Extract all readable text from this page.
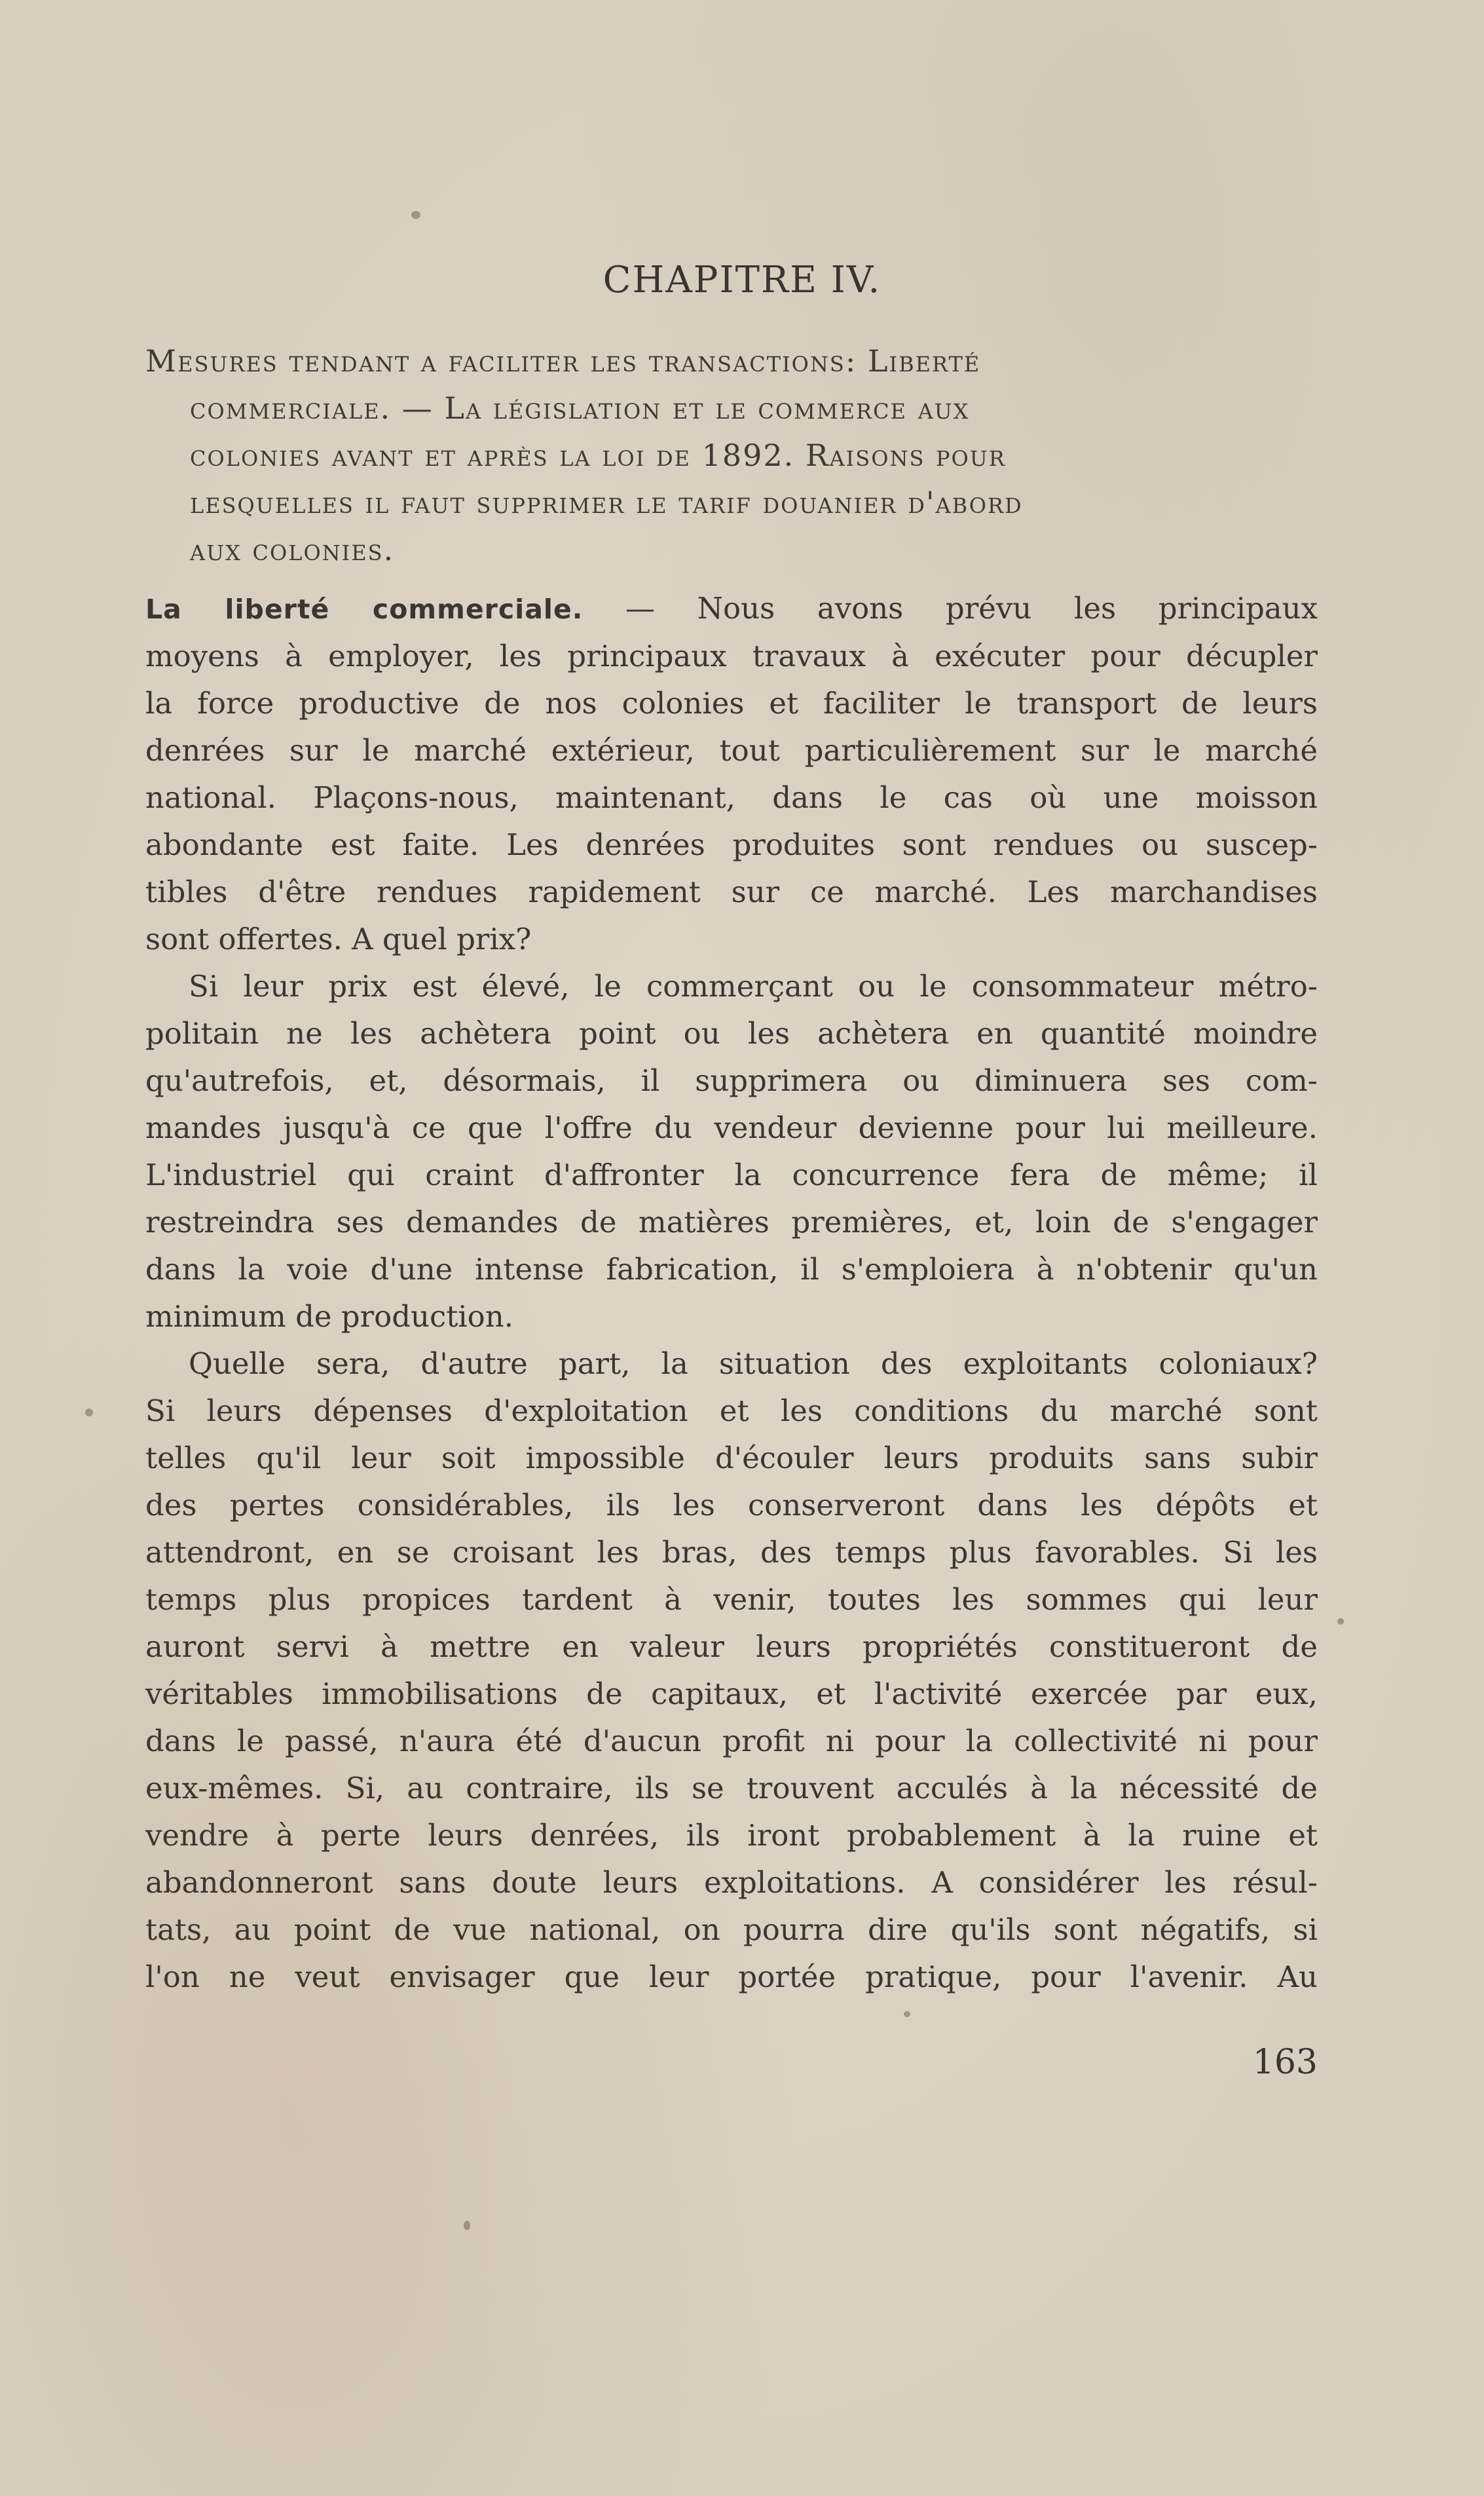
CHAPITRE IV.
Mesures tendant a faciliter les transactions: Liberté
commerciale. — La législation et le commerce aux
colonies avant et après la loi de 1892. Raisons pour
lesquelles il faut supprimer le tarif douanier d'abord
aux colonies.
La liberté commerciale. — Nous avons prévu les principaux
moyens à employer, les principaux travaux à exécuter pour décupler
la force productive de nos colonies et faciliter le transport de leurs
denrées sur le marché extérieur, tout particulièrement sur le marché
national. Plaçons-nous, maintenant, dans le cas où une moisson
abondante est faite. Les denrées produites sont rendues ou suscep-
tibles d'être rendues rapidement sur ce marché. Les marchandises
sont offertes. A quel prix?
Si leur prix est élevé, le commerçant ou le consommateur métro-
politain ne les achètera point ou les achètera en quantité moindre
qu'autrefois, et, désormais, il supprimera ou diminuera ses com-
mandes jusqu'à ce que l'offre du vendeur devienne pour lui meilleure.
L'industriel qui craint d'affronter la concurrence fera de même; il
restreindra ses demandes de matières premières, et, loin de s'engager
dans la voie d'une intense fabrication, il s'emploiera à n'obtenir qu'un
minimum de production.
Quelle sera, d'autre part, la situation des exploitants coloniaux?
Si leurs dépenses d'exploitation et les conditions du marché sont
telles qu'il leur soit impossible d'écouler leurs produits sans subir
des pertes considérables, ils les conserveront dans les dépôts et
attendront, en se croisant les bras, des temps plus favorables. Si les
temps plus propices tardent à venir, toutes les sommes qui leur
auront servi à mettre en valeur leurs propriétés constitueront de
véritables immobilisations de capitaux, et l'activité exercée par eux,
dans le passé, n'aura été d'aucun profit ni pour la collectivité ni pour
eux-mêmes. Si, au contraire, ils se trouvent acculés à la nécessité de
vendre à perte leurs denrées, ils iront probablement à la ruine et
abandonneront sans doute leurs exploitations. A considérer les résul-
tats, au point de vue national, on pourra dire qu'ils sont négatifs, si
l'on ne veut envisager que leur portée pratique, pour l'avenir. Au
163
